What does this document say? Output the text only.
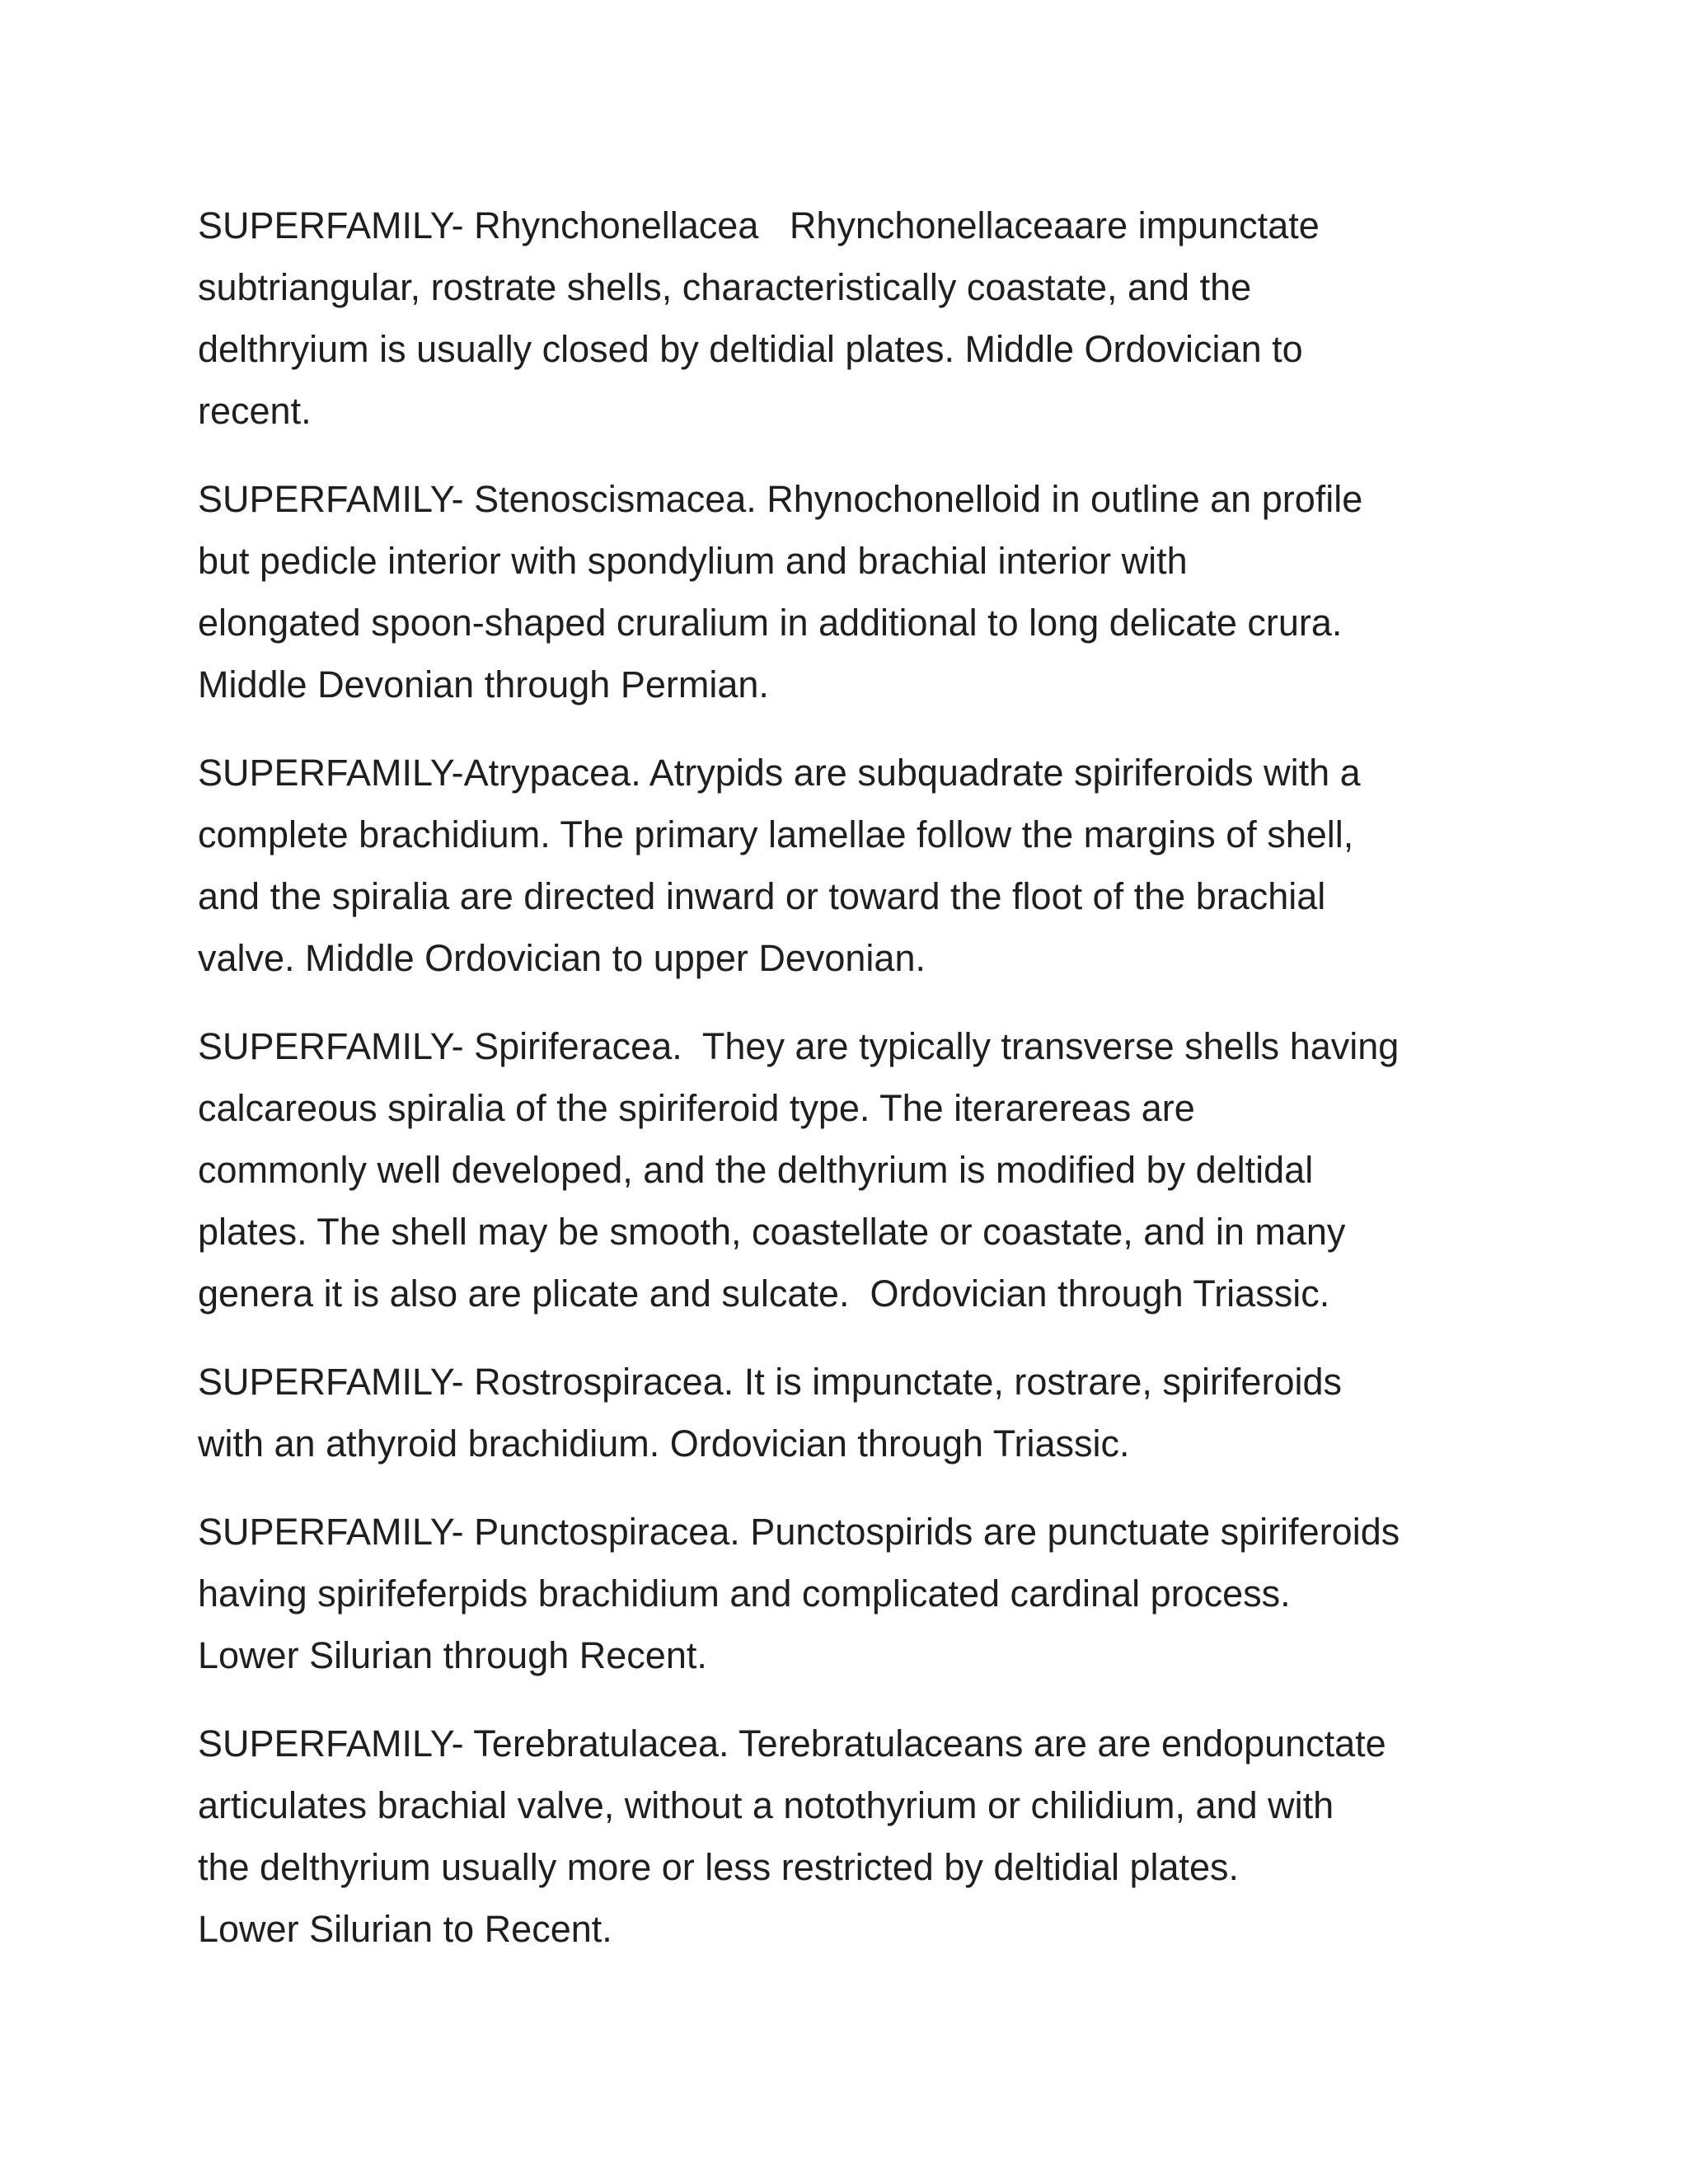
SUPERFAMILY- Rhynchonellacea   Rhynchonellaceaare impunctate
subtriangular, rostrate shells, characteristically coastate, and the
delthryium is usually closed by deltidial plates. Middle Ordovician to
recent.

SUPERFAMILY- Stenoscismacea. Rhynochonelloid in outline an profile
but pedicle interior with spondylium and brachial interior with
elongated spoon-shaped cruralium in additional to long delicate crura.
Middle Devonian through Permian.

SUPERFAMILY-Atrypacea. Atrypids are subquadrate spiriferoids with a
complete brachidium. The primary lamellae follow the margins of shell,
and the spiralia are directed inward or toward the floot of the brachial
valve. Middle Ordovician to upper Devonian.

SUPERFAMILY- Spiriferacea.  They are typically transverse shells having
calcareous spiralia of the spiriferoid type. The iterarereas are
commonly well developed, and the delthyrium is modified by deltidal
plates. The shell may be smooth, coastellate or coastate, and in many
genera it is also are plicate and sulcate.  Ordovician through Triassic.

SUPERFAMILY- Rostrospiracea. It is impunctate, rostrare, spiriferoids
with an athyroid brachidium. Ordovician through Triassic.

SUPERFAMILY- Punctospiracea. Punctospirids are punctuate spiriferoids
having spirifeferpids brachidium and complicated cardinal process.
Lower Silurian through Recent.

SUPERFAMILY- Terebratulacea. Terebratulaceans are are endopunctate
articulates brachial valve, without a notothyrium or chilidium, and with
the delthyrium usually more or less restricted by deltidial plates.
Lower Silurian to Recent.
